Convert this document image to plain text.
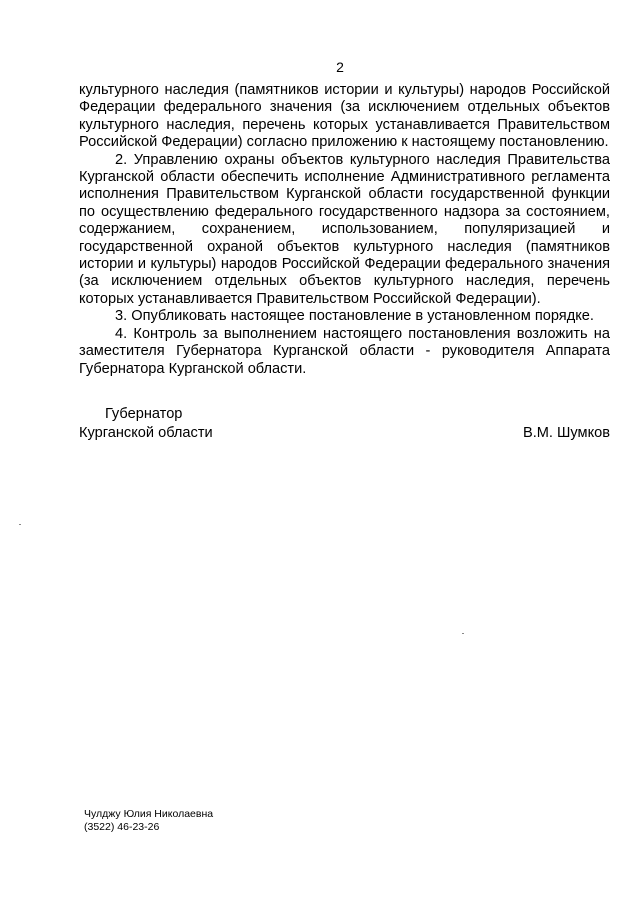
2

культурного наследия (памятников истории и культуры) народов Российской Федерации федерального значения (за исключением отдельных объектов культурного наследия, перечень которых устанавливается Правительством Российской Федерации) согласно приложению к настоящему постановлению.

2. Управлению охраны объектов культурного наследия Правительства Курганской области обеспечить исполнение Административного регламента исполнения Правительством Курганской области государственной функции по осуществлению федерального государственного надзора за состоянием, содержанием, сохранением, использованием, популяризацией и государственной охраной объектов культурного наследия (памятников истории и культуры) народов Российской Федерации федерального значения (за исключением отдельных объектов культурного наследия, перечень которых устанавливается Правительством Российской Федерации).

3. Опубликовать настоящее постановление в установленном порядке.

4. Контроль за выполнением настоящего постановления возложить на заместителя Губернатора Курганской области - руководителя Аппарата Губернатора Курганской области.

Губернатор
Курганской области	В.М. Шумков
Чулджу Юлия Николаевна
(3522) 46-23-26
